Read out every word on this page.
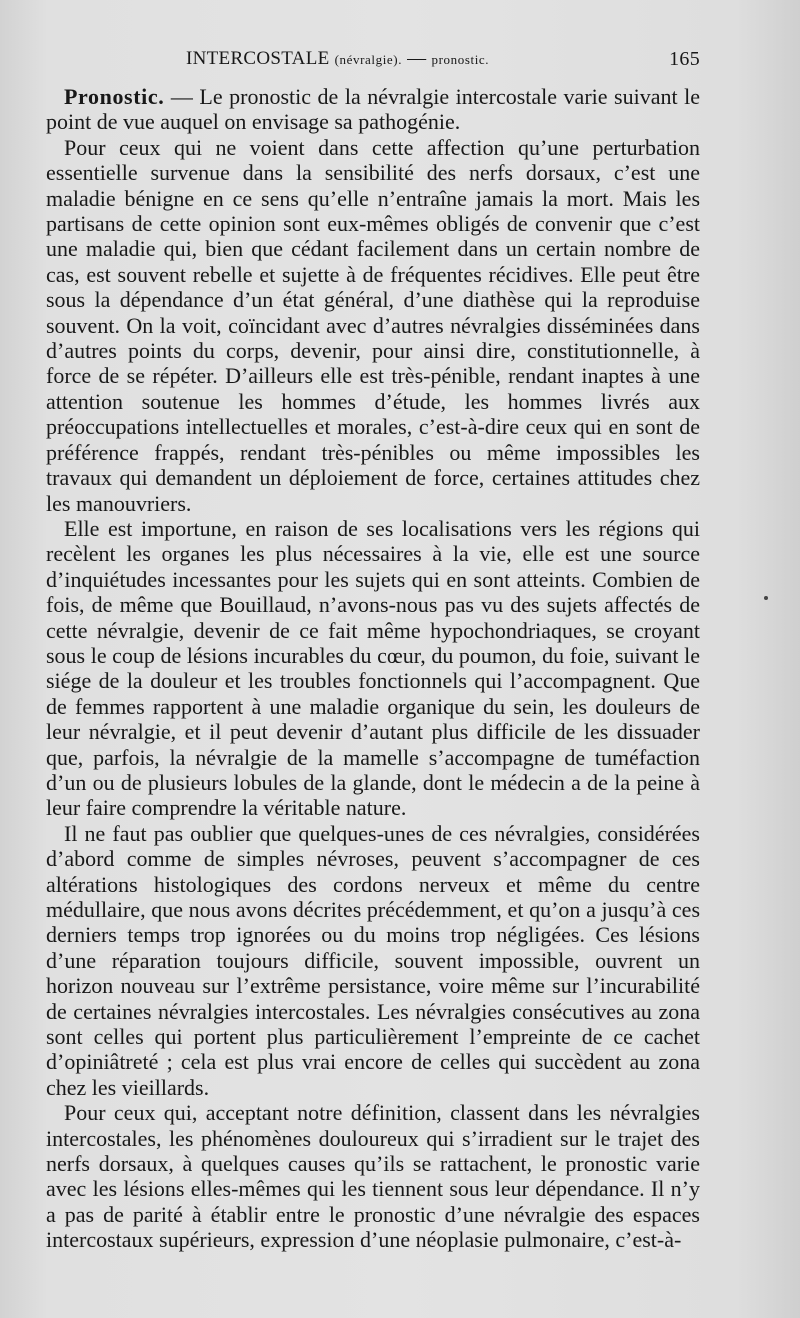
INTERCOSTALE (névralgie). — pronostic.	165

Pronostic. — Le pronostic de la névralgie intercostale varie suivant le point de vue auquel on envisage sa pathogénie.

Pour ceux qui ne voient dans cette affection qu’une perturbation essentielle survenue dans la sensibilité des nerfs dorsaux, c’est une maladie bénigne en ce sens qu’elle n’entraîne jamais la mort. Mais les partisans de cette opinion sont eux-mêmes obligés de convenir que c’est une maladie qui, bien que cédant facilement dans un certain nombre de cas, est souvent rebelle et sujette à de fréquentes récidives. Elle peut être sous la dépendance d’un état général, d’une diathèse qui la reproduise souvent. On la voit, coïncidant avec d’autres névralgies disséminées dans d’autres points du corps, devenir, pour ainsi dire, constitutionnelle, à force de se répéter. D’ailleurs elle est très-pénible, rendant inaptes à une attention soutenue les hommes d’étude, les hommes livrés aux préoccupations intellectuelles et morales, c’est-à-dire ceux qui en sont de préférence frappés, rendant très-pénibles ou même impossibles les travaux qui demandent un déploiement de force, certaines attitudes chez les manouvriers.

Elle est importune, en raison de ses localisations vers les régions qui recèlent les organes les plus nécessaires à la vie, elle est une source d’inquiétudes incessantes pour les sujets qui en sont atteints. Combien de fois, de même que Bouillaud, n’avons-nous pas vu des sujets affectés de cette névralgie, devenir de ce fait même hypochondriaques, se croyant sous le coup de lésions incurables du cœur, du poumon, du foie, suivant le siége de la douleur et les troubles fonctionnels qui l’accompagnent. Que de femmes rapportent à une maladie organique du sein, les douleurs de leur névralgie, et il peut devenir d’autant plus difficile de les dissuader que, parfois, la névralgie de la mamelle s’accompagne de tuméfaction d’un ou de plusieurs lobules de la glande, dont le médecin a de la peine à leur faire comprendre la véritable nature.

Il ne faut pas oublier que quelques-unes de ces névralgies, considérées d’abord comme de simples névroses, peuvent s’accompagner de ces altérations histologiques des cordons nerveux et même du centre médullaire, que nous avons décrites précédemment, et qu’on a jusqu’à ces derniers temps trop ignorées ou du moins trop négligées. Ces lésions d’une réparation toujours difficile, souvent impossible, ouvrent un horizon nouveau sur l’extrême persistance, voire même sur l’incurabilité de certaines névralgies intercostales. Les névralgies consécutives au zona sont celles qui portent plus particulièrement l’empreinte de ce cachet d’opiniâtreté ; cela est plus vrai encore de celles qui succèdent au zona chez les vieillards.

Pour ceux qui, acceptant notre définition, classent dans les névralgies intercostales, les phénomènes douloureux qui s’irradient sur le trajet des nerfs dorsaux, à quelques causes qu’ils se rattachent, le pronostic varie avec les lésions elles-mêmes qui les tiennent sous leur dépendance. Il n’y a pas de parité à établir entre le pronostic d’une névralgie des espaces intercostaux supérieurs, expression d’une néoplasie pulmonaire, c’est-à-
